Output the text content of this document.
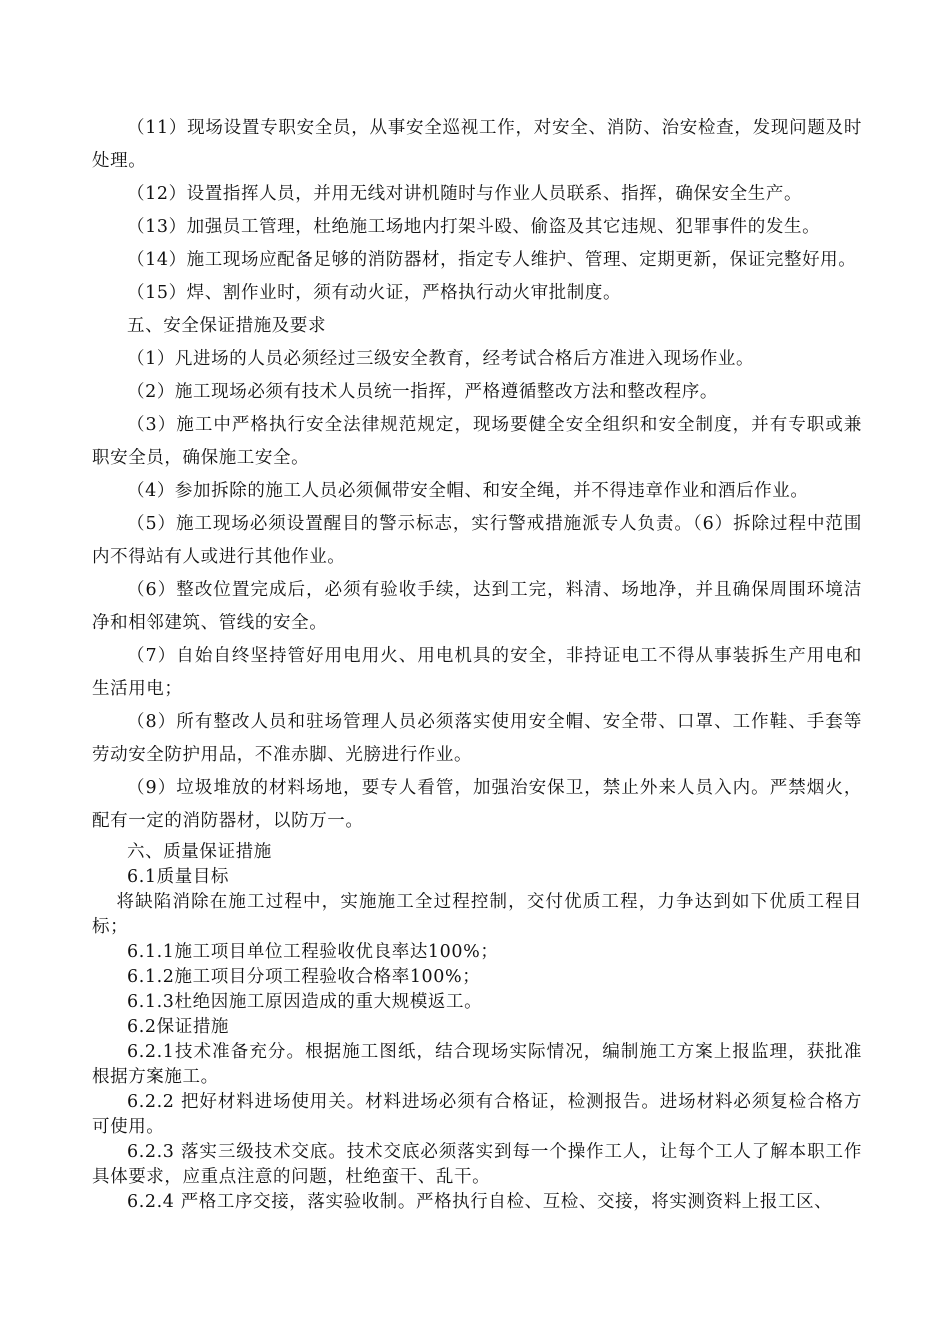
（11）现场设置专职安全员，从事安全巡视工作，对安全、消防、治安检查，发现问题及时处理。

（12）设置指挥人员，并用无线对讲机随时与作业人员联系、指挥，确保安全生产。

（13）加强员工管理，杜绝施工场地内打架斗殴、偷盗及其它违规、犯罪事件的发生。

（14）施工现场应配备足够的消防器材，指定专人维护、管理、定期更新，保证完整好用。

（15）焊、割作业时，须有动火证，严格执行动火审批制度。

五、安全保证措施及要求

（1）凡进场的人员必须经过三级安全教育，经考试合格后方准进入现场作业。

（2）施工现场必须有技术人员统一指挥，严格遵循整改方法和整改程序。

（3）施工中严格执行安全法律规范规定，现场要健全安全组织和安全制度，并有专职或兼职安全员，确保施工安全。

（4）参加拆除的施工人员必须佩带安全帽、和安全绳，并不得违章作业和酒后作业。

（5）施工现场必须设置醒目的警示标志，实行警戒措施派专人负责。（6）拆除过程中范围内不得站有人或进行其他作业。

（6）整改位置完成后，必须有验收手续，达到工完，料清、场地净，并且确保周围环境洁净和相邻建筑、管线的安全。

（7）自始自终坚持管好用电用火、用电机具的安全，非持证电工不得从事装拆生产用电和生活用电；

（8）所有整改人员和驻场管理人员必须落实使用安全帽、安全带、口罩、工作鞋、手套等劳动安全防护用品，不准赤脚、光膀进行作业。

（9）垃圾堆放的材料场地，要专人看管，加强治安保卫，禁止外来人员入内。严禁烟火，配有一定的消防器材，以防万一。

六、质量保证措施

6.1质量目标

将缺陷消除在施工过程中，实施施工全过程控制，交付优质工程，力争达到如下优质工程目标；

6.1.1施工项目单位工程验收优良率达100%；

6.1.2施工项目分项工程验收合格率100%；

6.1.3杜绝因施工原因造成的重大规模返工。

6.2保证措施

6.2.1技术准备充分。根据施工图纸，结合现场实际情况，编制施工方案上报监理，获批准根据方案施工。

6.2.2 把好材料进场使用关。材料进场必须有合格证，检测报告。进场材料必须复检合格方可使用。

6.2.3 落实三级技术交底。技术交底必须落实到每一个操作工人，让每个工人了解本职工作具体要求，应重点注意的问题，杜绝蛮干、乱干。

6.2.4 严格工序交接，落实验收制。严格执行自检、互检、交接，将实测资料上报工区、
